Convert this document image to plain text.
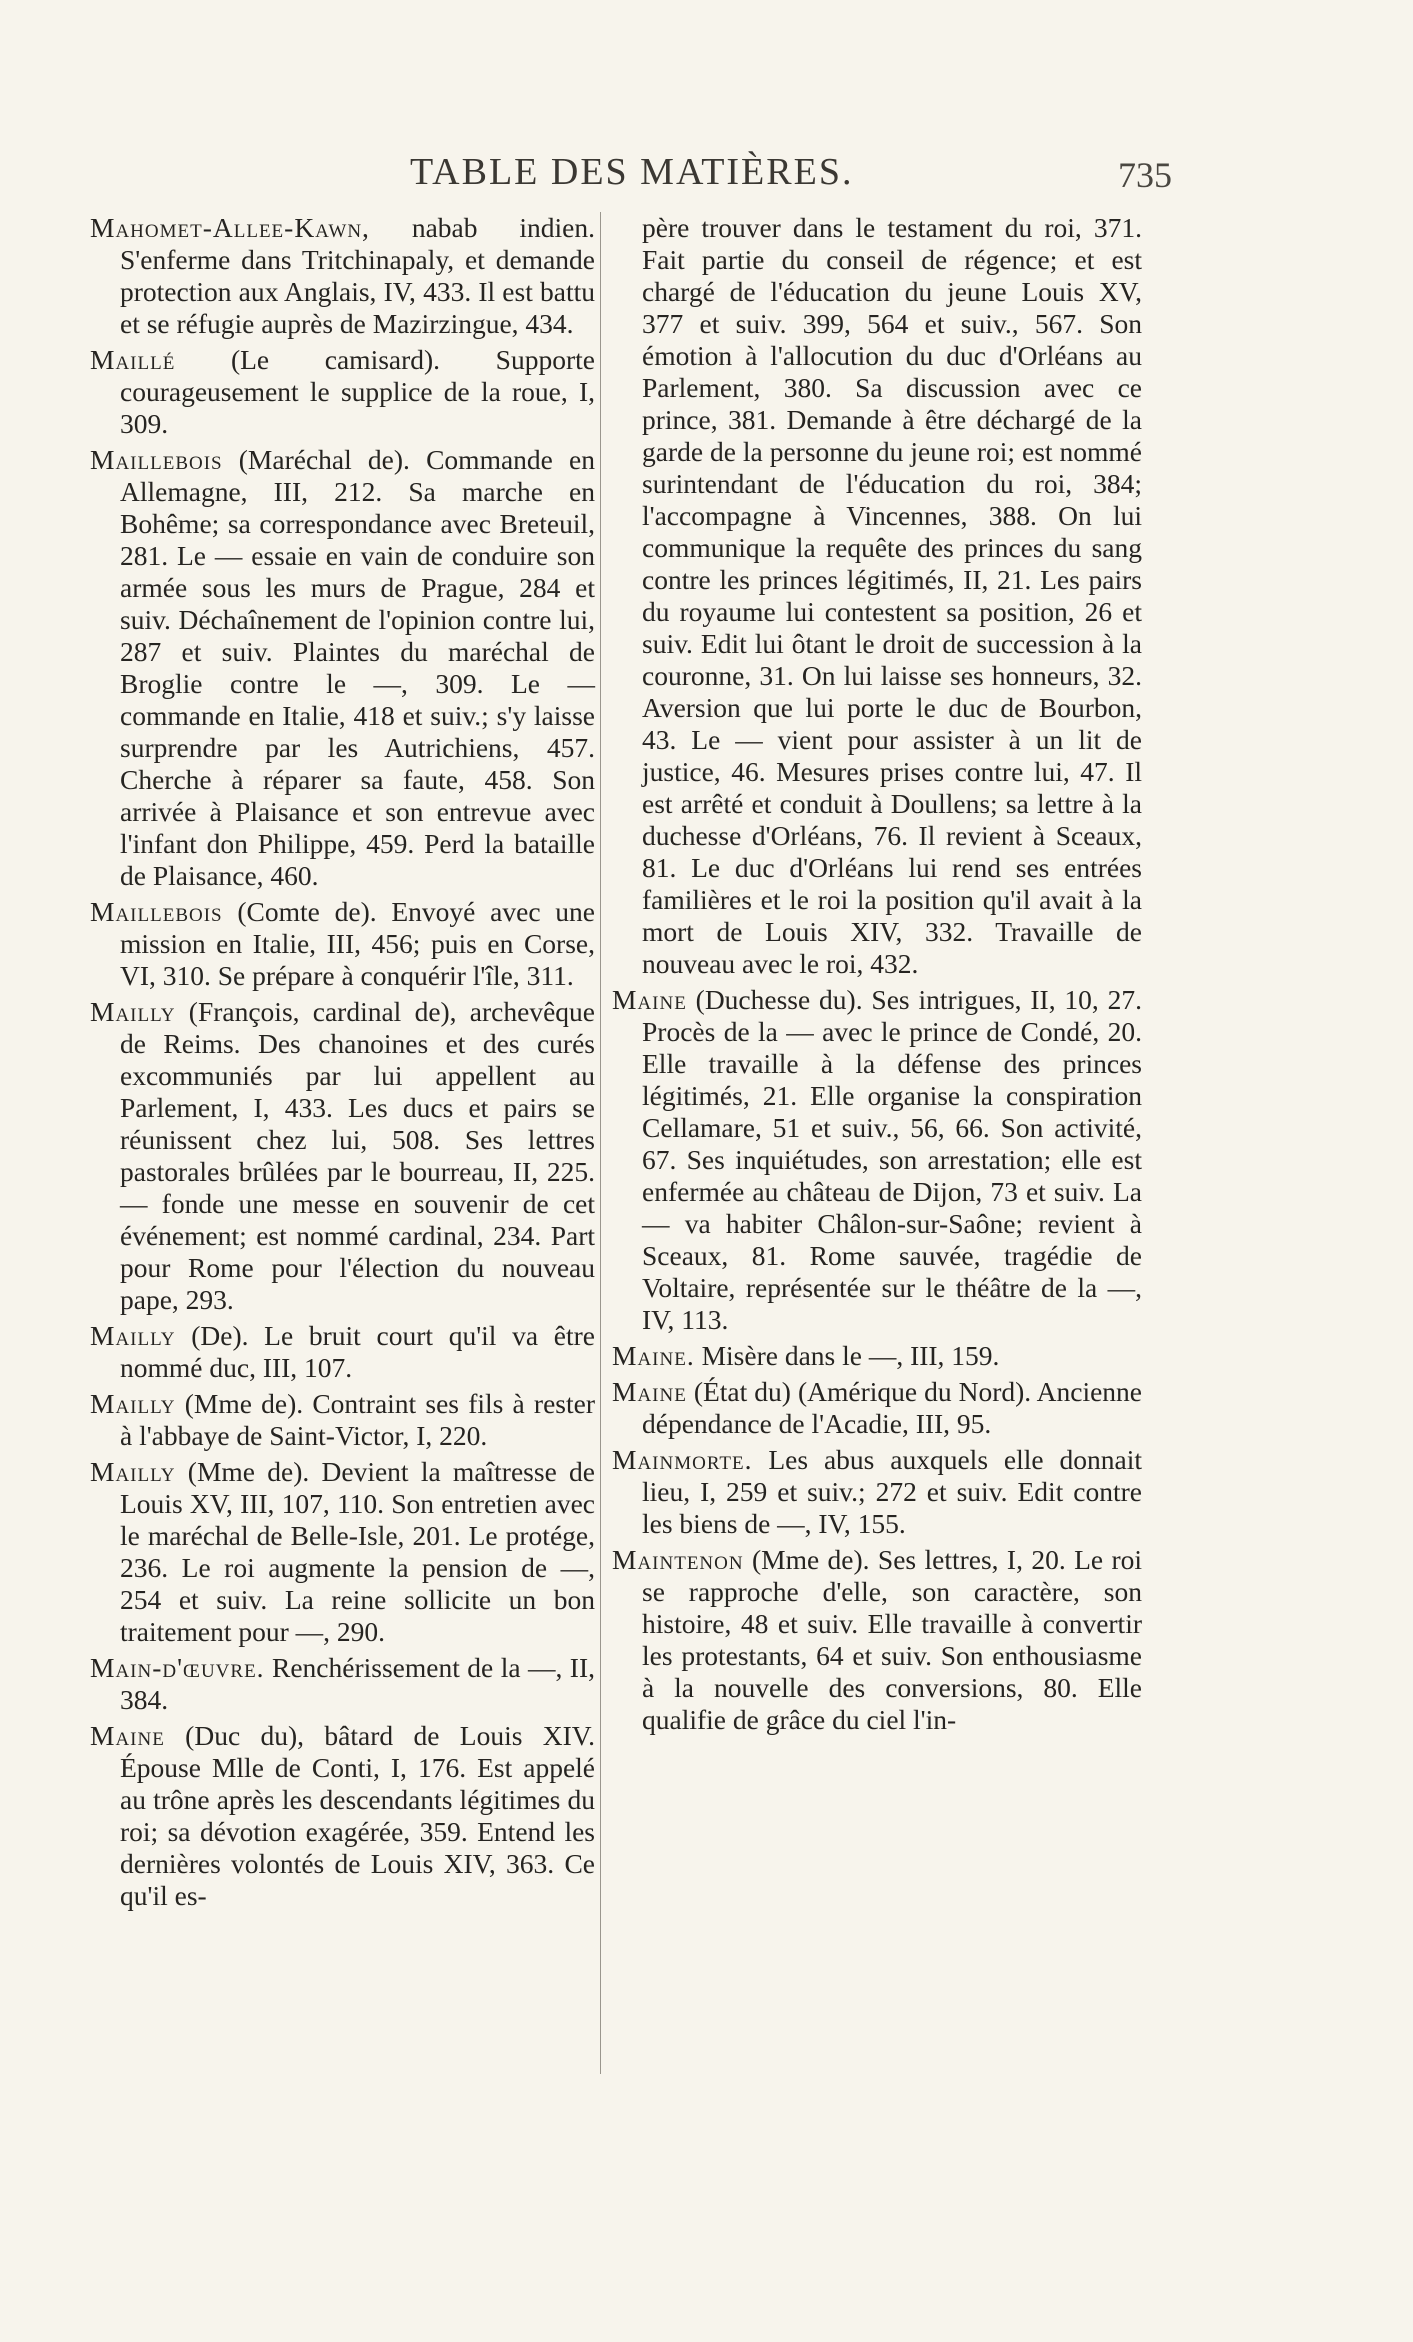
TABLE DES MATIÈRES.	735

Mahomet-Allee-Kawn, nabab indien. S'enferme dans Tritchinapaly, et demande protection aux Anglais, IV, 433. Il est battu et se réfugie auprès de Mazirzingue, 434.

Maillé (Le camisard). Supporte courageusement le supplice de la roue, I, 309.

Maillebois (Maréchal de). Commande en Allemagne, III, 212. Sa marche en Bohême; sa correspondance avec Breteuil, 281. Le — essaie en vain de conduire son armée sous les murs de Prague, 284 et suiv. Déchaînement de l'opinion contre lui, 287 et suiv. Plaintes du maréchal de Broglie contre le —, 309. Le — commande en Italie, 418 et suiv.; s'y laisse surprendre par les Autrichiens, 457. Cherche à réparer sa faute, 458. Son arrivée à Plaisance et son entrevue avec l'infant don Philippe, 459. Perd la bataille de Plaisance, 460.

Maillebois (Comte de). Envoyé avec une mission en Italie, III, 456; puis en Corse, VI, 310. Se prépare à conquérir l'île, 311.

Mailly (François, cardinal de), archevêque de Reims. Des chanoines et des curés excommuniés par lui appellent au Parlement, I, 433. Les ducs et pairs se réunissent chez lui, 508. Ses lettres pastorales brûlées par le bourreau, II, 225. — fonde une messe en souvenir de cet événement; est nommé cardinal, 234. Part pour Rome pour l'élection du nouveau pape, 293.

Mailly (De). Le bruit court qu'il va être nommé duc, III, 107.

Mailly (Mme de). Contraint ses fils à rester à l'abbaye de Saint-Victor, I, 220.

Mailly (Mme de). Devient la maîtresse de Louis XV, III, 107, 110. Son entretien avec le maréchal de Belle-Isle, 201. Le protége, 236. Le roi augmente la pension de —, 254 et suiv. La reine sollicite un bon traitement pour —, 290.

Main-d'œuvre. Renchérissement de la —, II, 384.

Maine (Duc du), bâtard de Louis XIV. Épouse Mlle de Conti, I, 176. Est appelé au trône après les descendants légitimes du roi; sa dévotion exagérée, 359. Entend les dernières volontés de Louis XIV, 363. Ce qu'il es-

père trouver dans le testament du roi, 371. Fait partie du conseil de régence; et est chargé de l'éducation du jeune Louis XV, 377 et suiv. 399, 564 et suiv., 567. Son émotion à l'allocution du duc d'Orléans au Parlement, 380. Sa discussion avec ce prince, 381. Demande à être déchargé de la garde de la personne du jeune roi; est nommé surintendant de l'éducation du roi, 384; l'accompagne à Vincennes, 388. On lui communique la requête des princes du sang contre les princes légitimés, II, 21. Les pairs du royaume lui contestent sa position, 26 et suiv. Edit lui ôtant le droit de succession à la couronne, 31. On lui laisse ses honneurs, 32. Aversion que lui porte le duc de Bourbon, 43. Le — vient pour assister à un lit de justice, 46. Mesures prises contre lui, 47. Il est arrêté et conduit à Doullens; sa lettre à la duchesse d'Orléans, 76. Il revient à Sceaux, 81. Le duc d'Orléans lui rend ses entrées familières et le roi la position qu'il avait à la mort de Louis XIV, 332. Travaille de nouveau avec le roi, 432.

Maine (Duchesse du). Ses intrigues, II, 10, 27. Procès de la — avec le prince de Condé, 20. Elle travaille à la défense des princes légitimés, 21. Elle organise la conspiration Cellamare, 51 et suiv., 56, 66. Son activité, 67. Ses inquiétudes, son arrestation; elle est enfermée au château de Dijon, 73 et suiv. La — va habiter Châlon-sur-Saône; revient à Sceaux, 81. Rome sauvée, tragédie de Voltaire, représentée sur le théâtre de la —, IV, 113.

Maine. Misère dans le —, III, 159.

Maine (État du) (Amérique du Nord). Ancienne dépendance de l'Acadie, III, 95.

Mainmorte. Les abus auxquels elle donnait lieu, I, 259 et suiv.; 272 et suiv. Edit contre les biens de —, IV, 155.

Maintenon (Mme de). Ses lettres, I, 20. Le roi se rapproche d'elle, son caractère, son histoire, 48 et suiv. Elle travaille à convertir les protestants, 64 et suiv. Son enthousiasme à la nouvelle des conversions, 80. Elle qualifie de grâce du ciel l'in-
